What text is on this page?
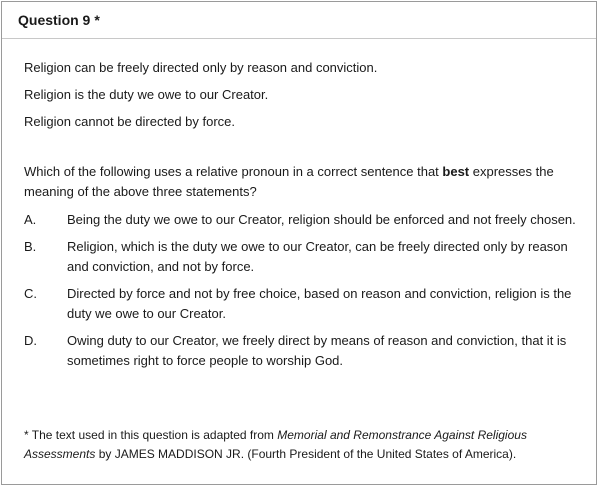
Question 9 *
Religion can be freely directed only by reason and conviction.
Religion is the duty we owe to our Creator.
Religion cannot be directed by force.
Which of the following uses a relative pronoun in a correct sentence that best expresses the meaning of the above three statements?
A.	Being the duty we owe to our Creator, religion should be enforced and not freely chosen.
B.	Religion, which is the duty we owe to our Creator, can be freely directed only by reason and conviction, and not by force.
C.	Directed by force and not by free choice, based on reason and conviction, religion is the duty we owe to our Creator.
D.	Owing duty to our Creator, we freely direct by means of reason and conviction, that it is sometimes right to force people to worship God.
* The text used in this question is adapted from Memorial and Remonstrance Against Religious Assessments by JAMES MADDISON JR. (Fourth President of the United States of America).
